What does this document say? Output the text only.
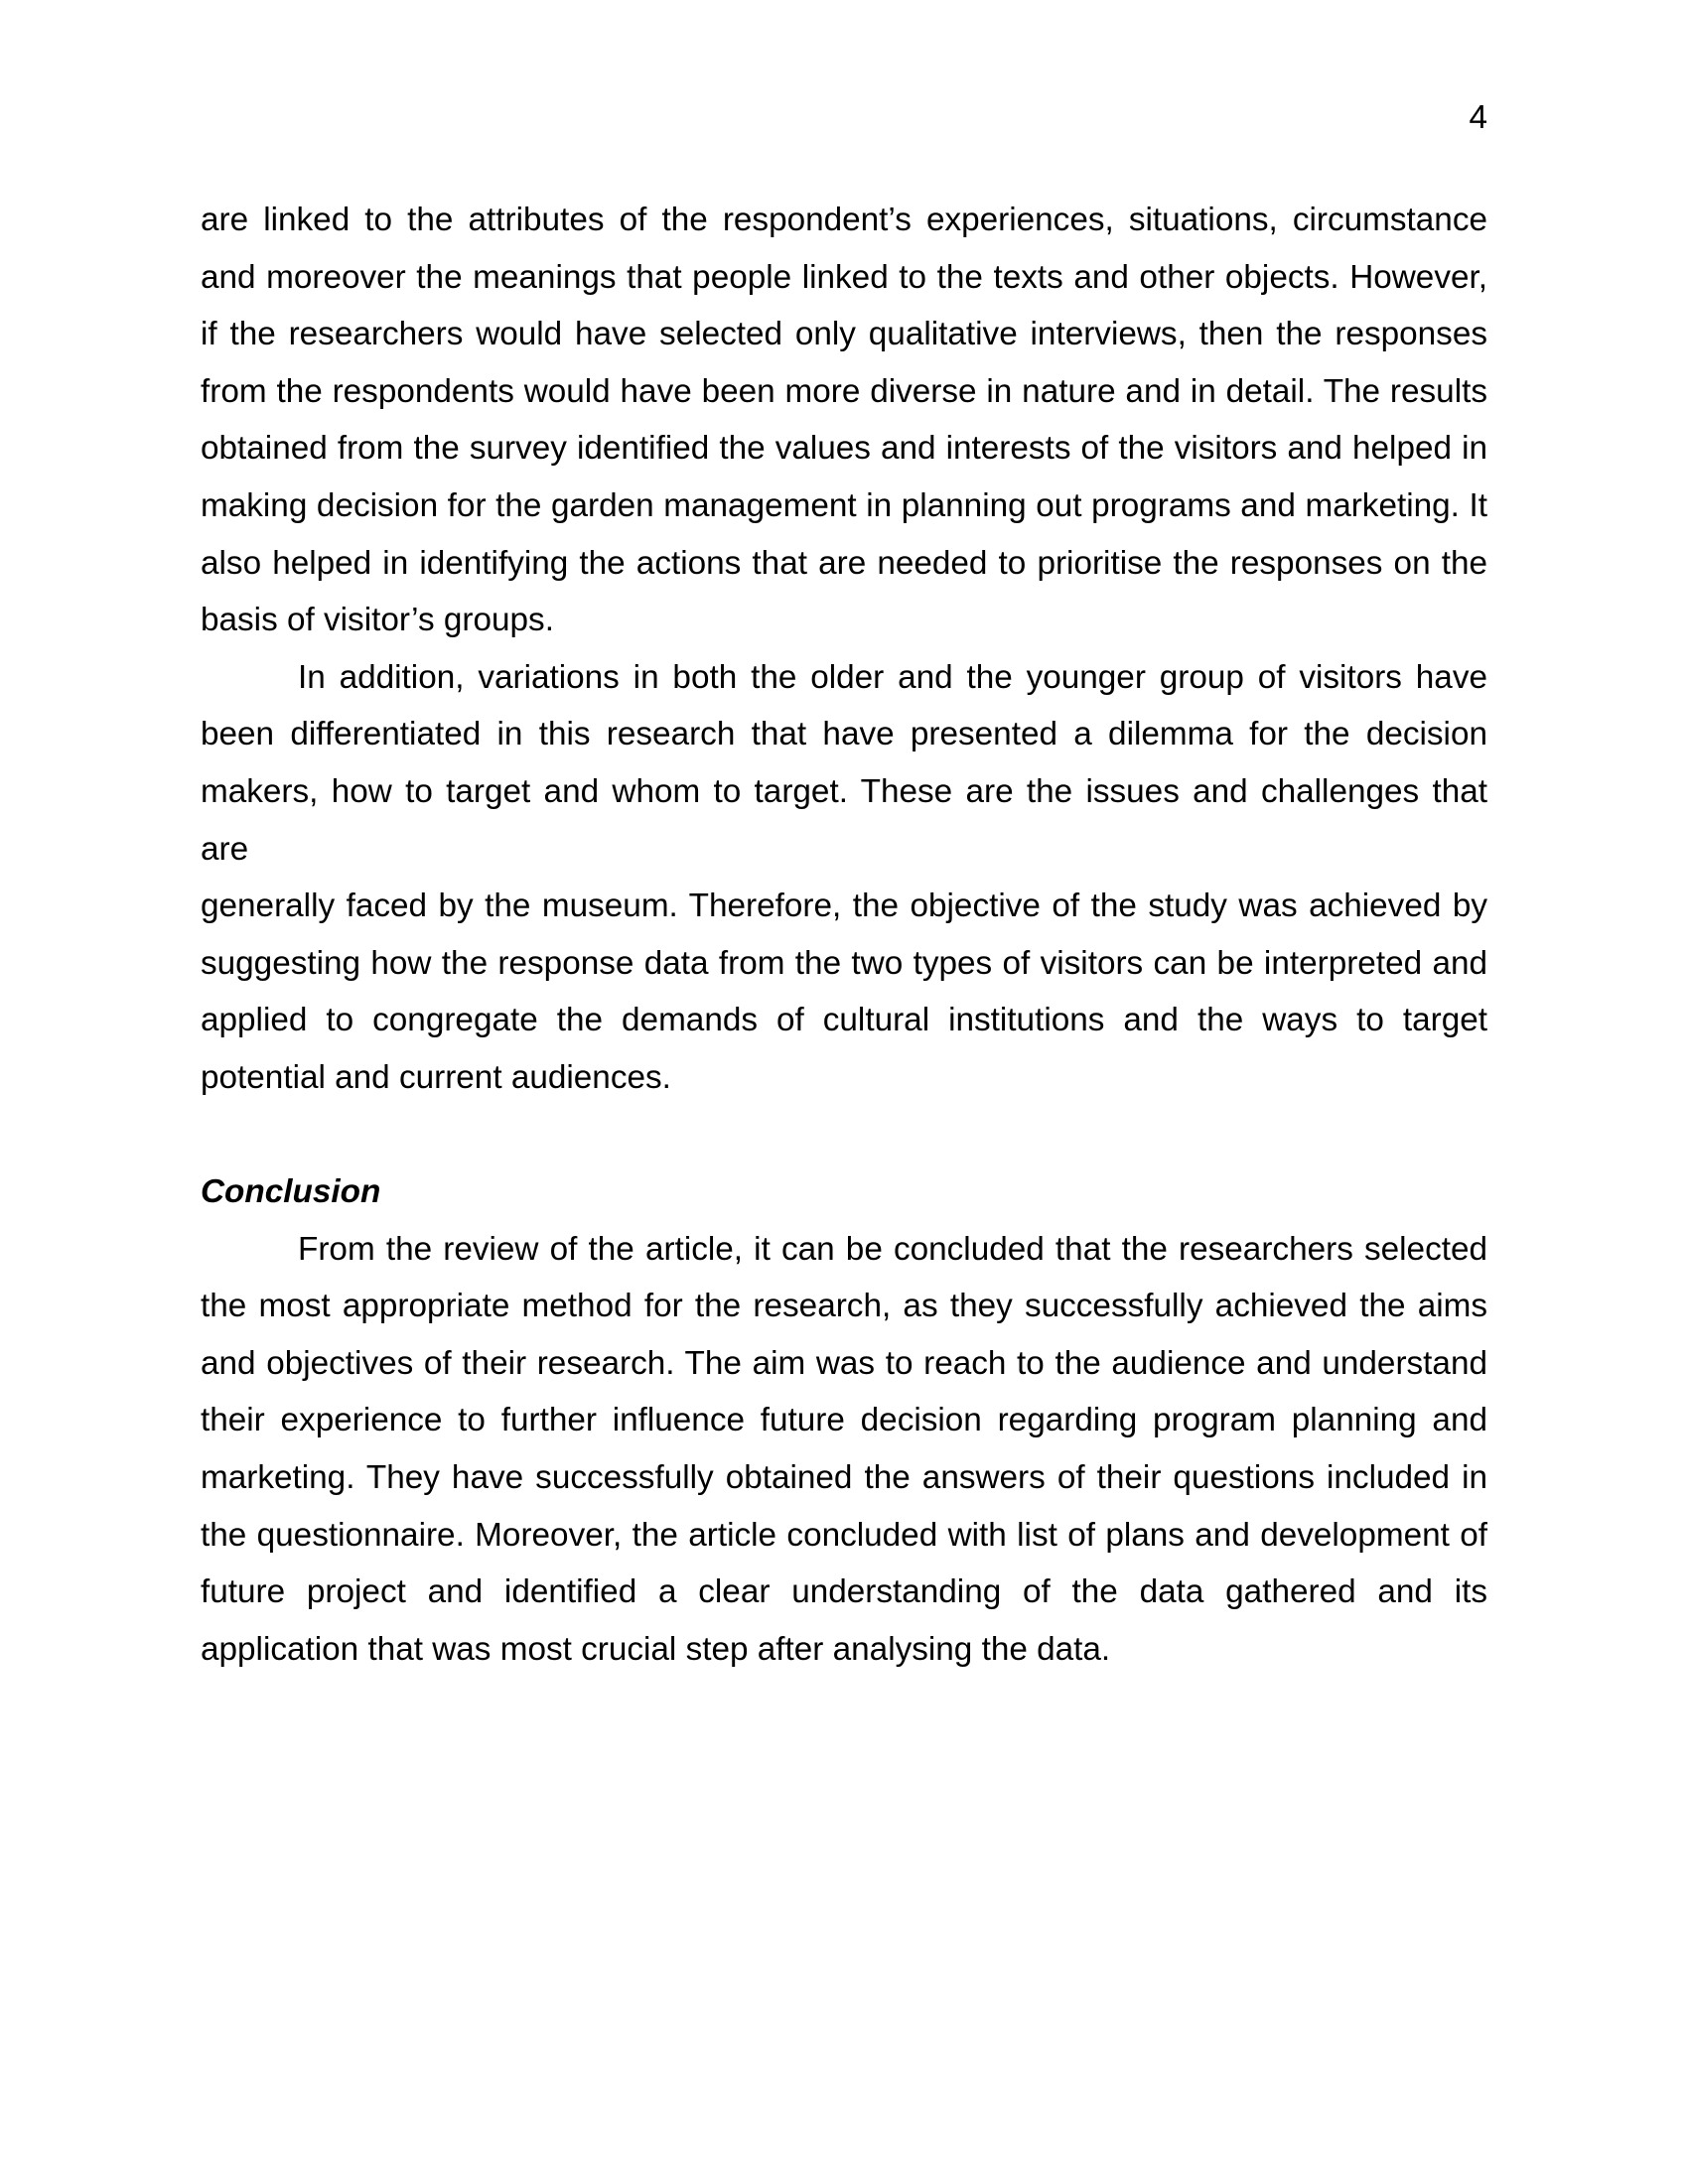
4
are linked to the attributes of the respondent’s experiences, situations, circumstance
and moreover the meanings that people linked to the texts and other objects. However,
if the researchers would have selected only qualitative interviews, then the responses
from the respondents would have been more diverse in nature and in detail. The results
obtained from the survey identified the values and interests of the visitors and helped in
making decision for the garden management in planning out programs and marketing. It
also helped in identifying the actions that are needed to prioritise the responses on the
basis of visitor’s groups.
In addition, variations in both the older and the younger group of visitors have
been differentiated in this research that have presented a dilemma for the decision
makers, how to target and whom to target. These are the issues and challenges that are
generally faced by the museum. Therefore, the objective of the study was achieved by
suggesting how the response data from the two types of visitors can be interpreted and
applied to congregate the demands of cultural institutions and the ways to target
potential and current audiences.
Conclusion
From the review of the article, it can be concluded that the researchers selected
the most appropriate method for the research, as they successfully achieved the aims
and objectives of their research. The aim was to reach to the audience and understand
their experience to further influence future decision regarding program planning and
marketing. They have successfully obtained the answers of their questions included in
the questionnaire. Moreover, the article concluded with list of plans and development of
future project and identified a clear understanding of the data gathered and its
application that was most crucial step after analysing the data.
